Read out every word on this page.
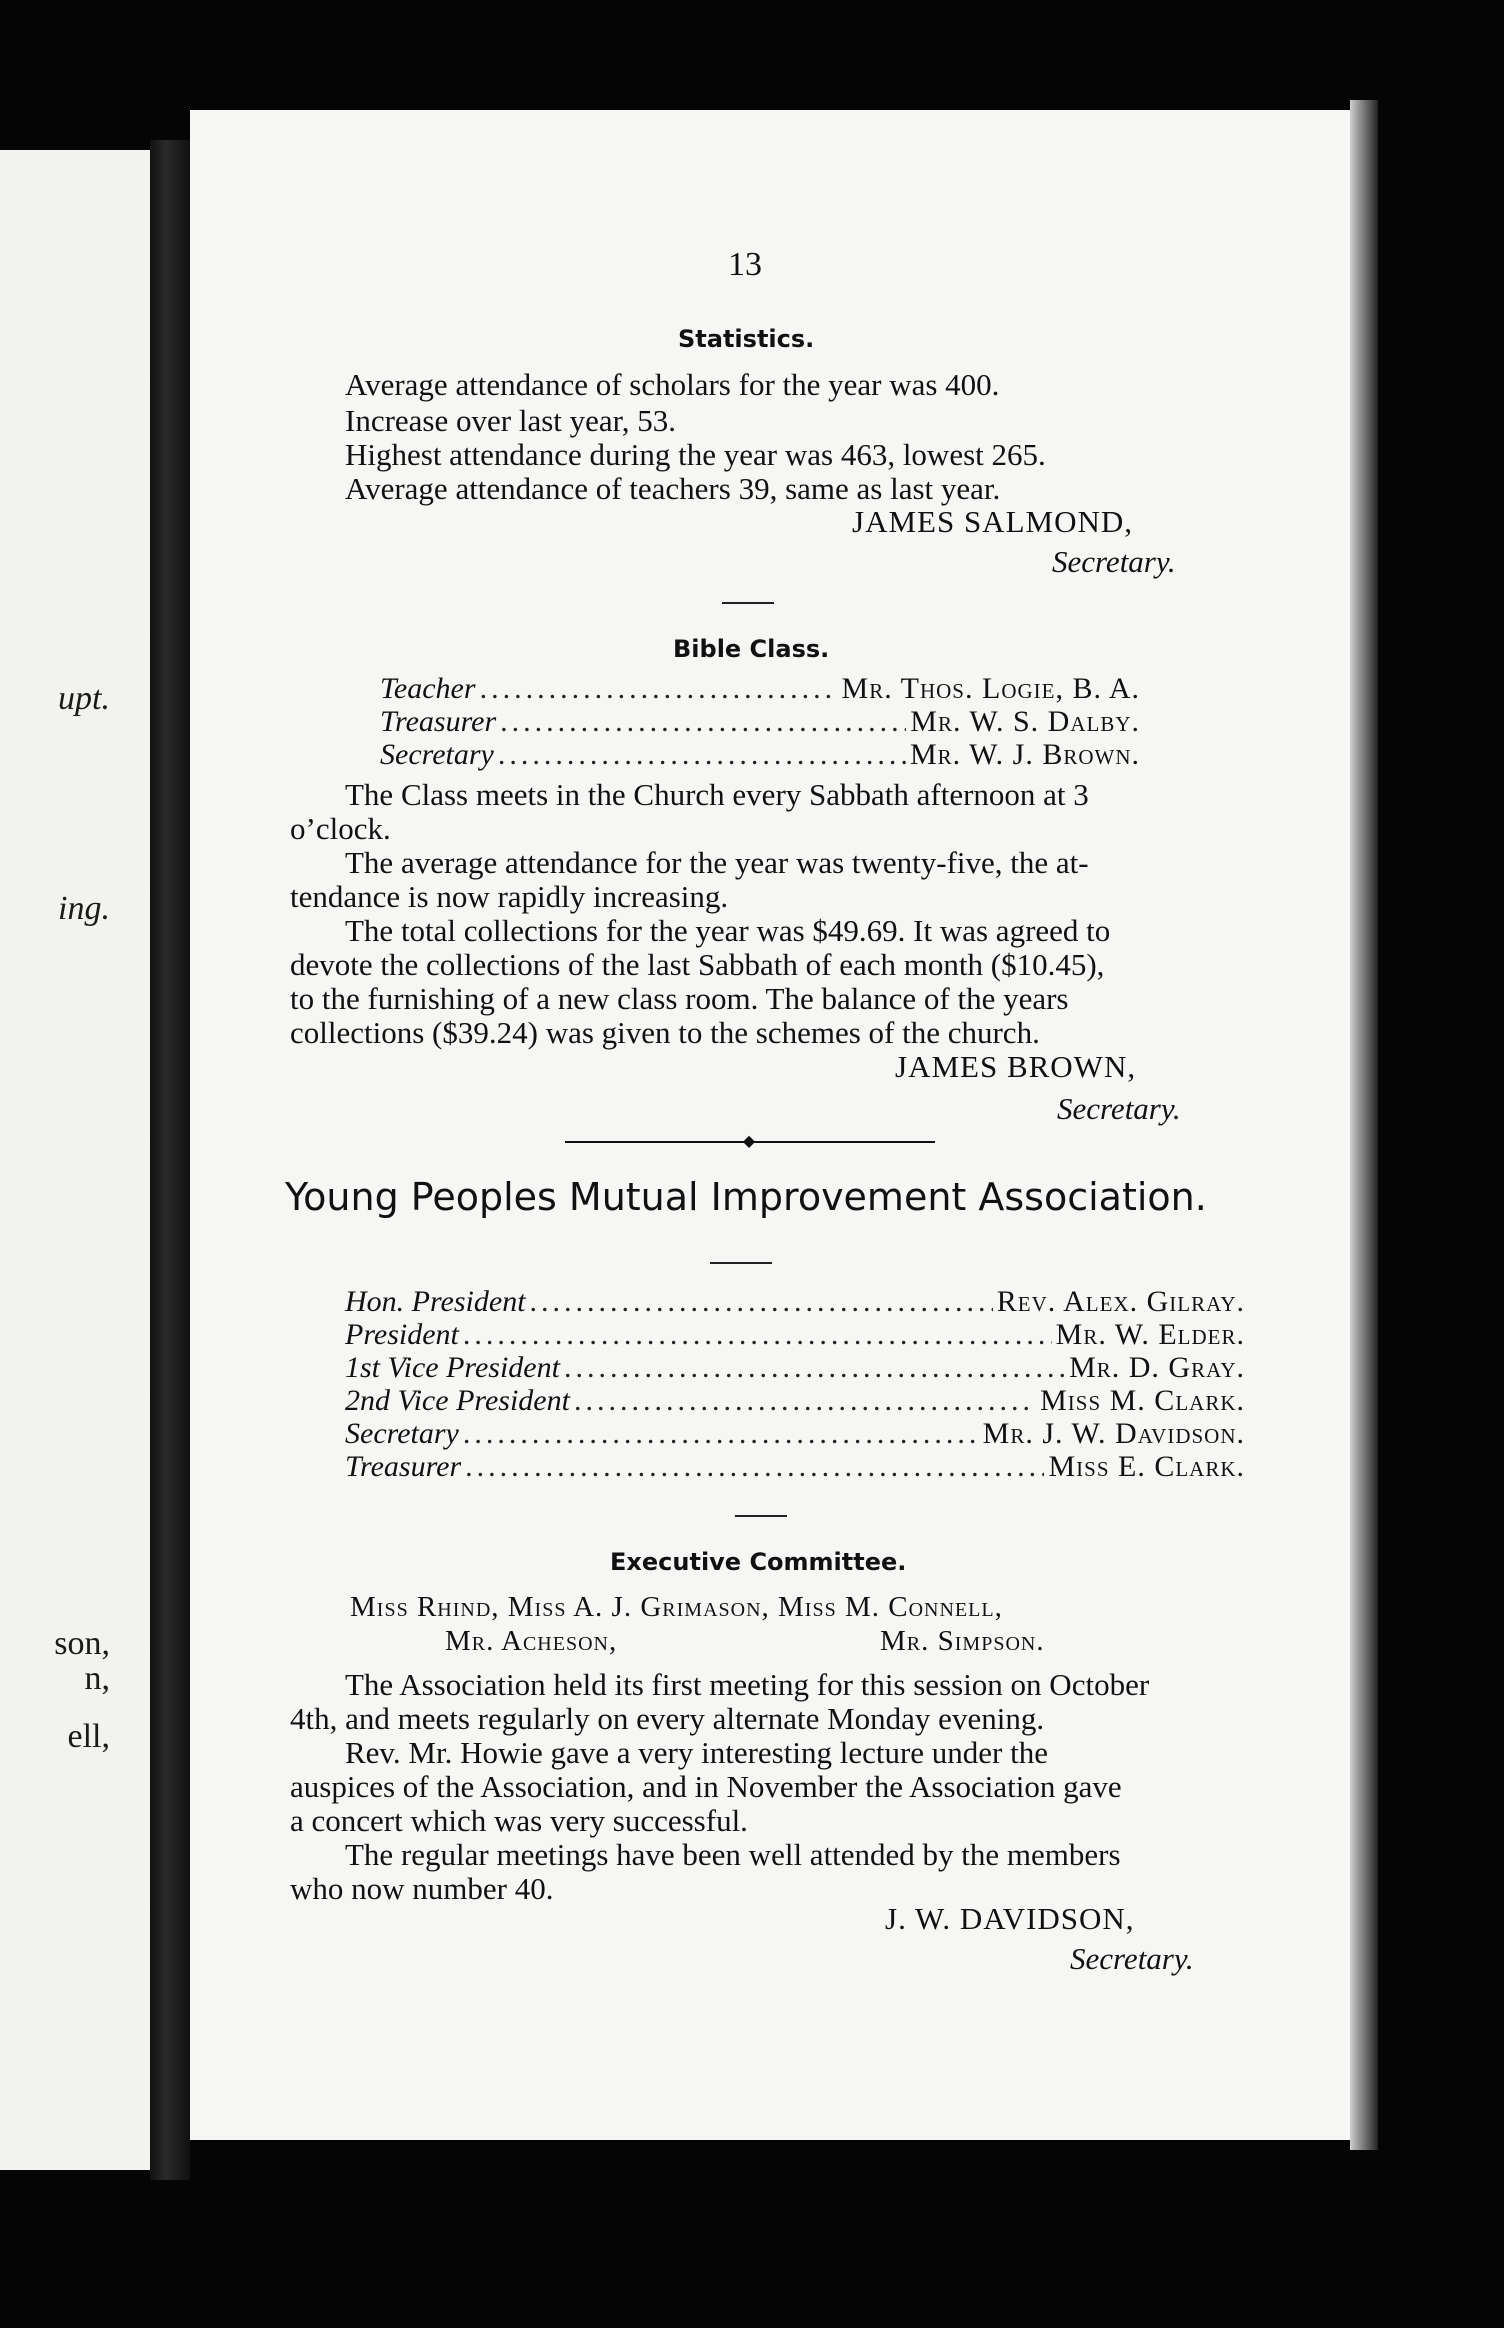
upt.
ing.
son,
n,
ell,
13
Statistics.
Average attendance of scholars for the year was 400.
Increase over last year, 53.
Highest attendance during the year was 463, lowest 265.
Average attendance of teachers 39, same as last year.
JAMES SALMOND,
Secretary.
Bible Class.
Teacher .....	Mr. Thos. Logie, B. A.
Treasurer .....	Mr. W. S. Dalby.
Secretary .....	Mr. W. J. Brown.
The Class meets in the Church every Sabbath afternoon at 3
o’clock.
The average attendance for the year was twenty-five, the at-
tendance is now rapidly increasing.
The total collections for the year was $49.69. It was agreed to
devote the collections of the last Sabbath of each month ($10.45),
to the furnishing of a new class room. The balance of the years
collections ($39.24) was given to the schemes of the church.
JAMES BROWN,
Secretary.
◆
Young Peoples Mutual Improvement Association.
Hon. President .....	Rev. Alex. Gilray.
President .....	Mr. W. Elder.
1st Vice President .....	Mr. D. Gray.
2nd Vice President .....	Miss M. Clark.
Secretary .....	Mr. J. W. Davidson.
Treasurer .....	Miss E. Clark.
Executive Committee.
Miss Rhind, Miss A. J. Grimason, Miss M. Connell,
Mr. Acheson,	Mr. Simpson.
The Association held its first meeting for this session on October
4th, and meets regularly on every alternate Monday evening.
Rev. Mr. Howie gave a very interesting lecture under the
auspices of the Association, and in November the Association gave
a concert which was very successful.
The regular meetings have been well attended by the members
who now number 40.
J. W. DAVIDSON,
Secretary.
